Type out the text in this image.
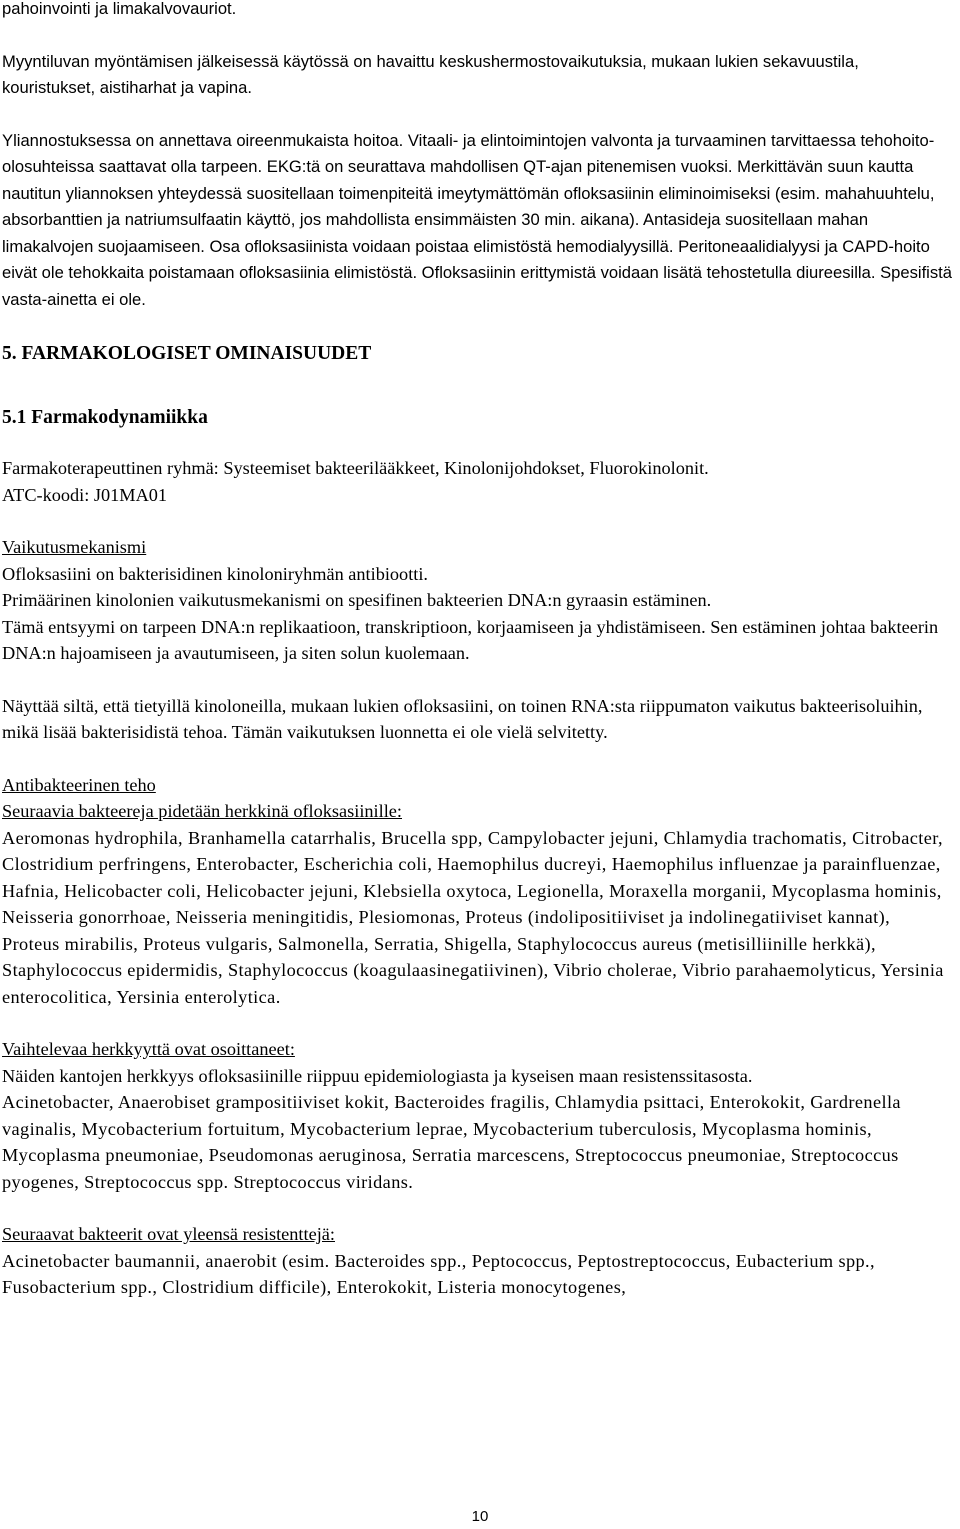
pahoinvointi ja limakalvovauriot.

Myyntiluvan myöntämisen jälkeisessä käytössä on havaittu keskushermostovaikutuksia, mukaan lukien sekavuustila, kouristukset, aistiharhat ja vapina.

Yliannostuksessa on annettava oireenmukaista hoitoa. Vitaali- ja elintoimintojen valvonta ja turvaaminen tarvittaessa tehohoito-olosuhteissa saattavat olla tarpeen. EKG:tä on seurattava mahdollisen QT-ajan pitenemisen vuoksi. Merkittävän suun kautta nautitun yliannoksen yhteydessä suositellaan toimenpiteitä imeytymättömän ofloksasiinin eliminoimiseksi (esim. mahahuuhtelu, absorbanttien ja natriumsulfaatin käyttö, jos mahdollista ensimmäisten 30 min. aikana). Antasideja suositellaan mahan limakalvojen suojaamiseen. Osa ofloksasiinista voidaan poistaa elimistöstä hemodialyysillä. Peritoneaalidialyysi ja CAPD-hoito eivät ole tehokkaita poistamaan ofloksasiinia elimistöstä. Ofloksasiinin erittymistä voidaan lisätä tehostetulla diureesilla. Spesifistä vasta-ainetta ei ole.

5. FARMAKOLOGISET OMINAISUUDET

5.1 Farmakodynamiikka

Farmakoterapeuttinen ryhmä: Systeemiset bakteerilääkkeet, Kinolonijohdokset, Fluorokinolonit.

ATC-koodi: J01MA01

Vaikutusmekanismi

Ofloksasiini on bakterisidinen kinoloniryhmän antibiootti.

Primäärinen kinolonien vaikutusmekanismi on spesifinen bakteerien DNA:n gyraasin estäminen.

Tämä entsyymi on tarpeen DNA:n replikaatioon, transkriptioon, korjaamiseen ja yhdistämiseen. Sen estäminen johtaa bakteerin DNA:n hajoamiseen ja avautumiseen, ja siten solun kuolemaan.

Näyttää siltä, että tietyillä kinoloneilla, mukaan lukien ofloksasiini, on toinen RNA:sta riippumaton vaikutus bakteerisoluihin, mikä lisää bakterisidistä tehoa. Tämän vaikutuksen luonnetta ei ole vielä selvitetty.

Antibakteerinen teho

Seuraavia bakteereja pidetään herkkinä ofloksasiinille:

Aeromonas hydrophila, Branhamella catarrhalis, Brucella spp, Campylobacter jejuni, Chlamydia trachomatis, Citrobacter, Clostridium perfringens, Enterobacter, Escherichia coli, Haemophilus ducreyi, Haemophilus influenzae ja parainfluenzae, Hafnia, Helicobacter coli, Helicobacter jejuni, Klebsiella oxytoca, Legionella, Moraxella morganii, Mycoplasma hominis, Neisseria gonorrhoae, Neisseria meningitidis, Plesiomonas, Proteus (indolipositiiviset ja indolinegatiiviset kannat), Proteus mirabilis, Proteus vulgaris, Salmonella, Serratia, Shigella, Staphylococcus aureus (metisilliinille herkkä), Staphylococcus epidermidis, Staphylococcus (koagulaasinegatiivinen), Vibrio cholerae, Vibrio parahaemolyticus, Yersinia enterocolitica, Yersinia enterolytica.

Vaihtelevaa herkkyyttä ovat osoittaneet:

Näiden kantojen herkkyys ofloksasiinille riippuu epidemiologiasta ja kyseisen maan resistenssitasosta.

Acinetobacter, Anaerobiset grampositiiviset kokit, Bacteroides fragilis, Chlamydia psittaci, Enterokokit, Gardrenella vaginalis, Mycobacterium fortuitum, Mycobacterium leprae, Mycobacterium tuberculosis, Mycoplasma hominis, Mycoplasma pneumoniae, Pseudomonas aeruginosa, Serratia marcescens, Streptococcus pneumoniae, Streptococcus pyogenes, Streptococcus spp. Streptococcus viridans.

Seuraavat bakteerit ovat yleensä resistenttejä:

Acinetobacter baumannii, anaerobit (esim. Bacteroides spp., Peptococcus, Peptostreptococcus, Eubacterium spp., Fusobacterium spp., Clostridium difficile), Enterokokit, Listeria monocytogenes,

10
